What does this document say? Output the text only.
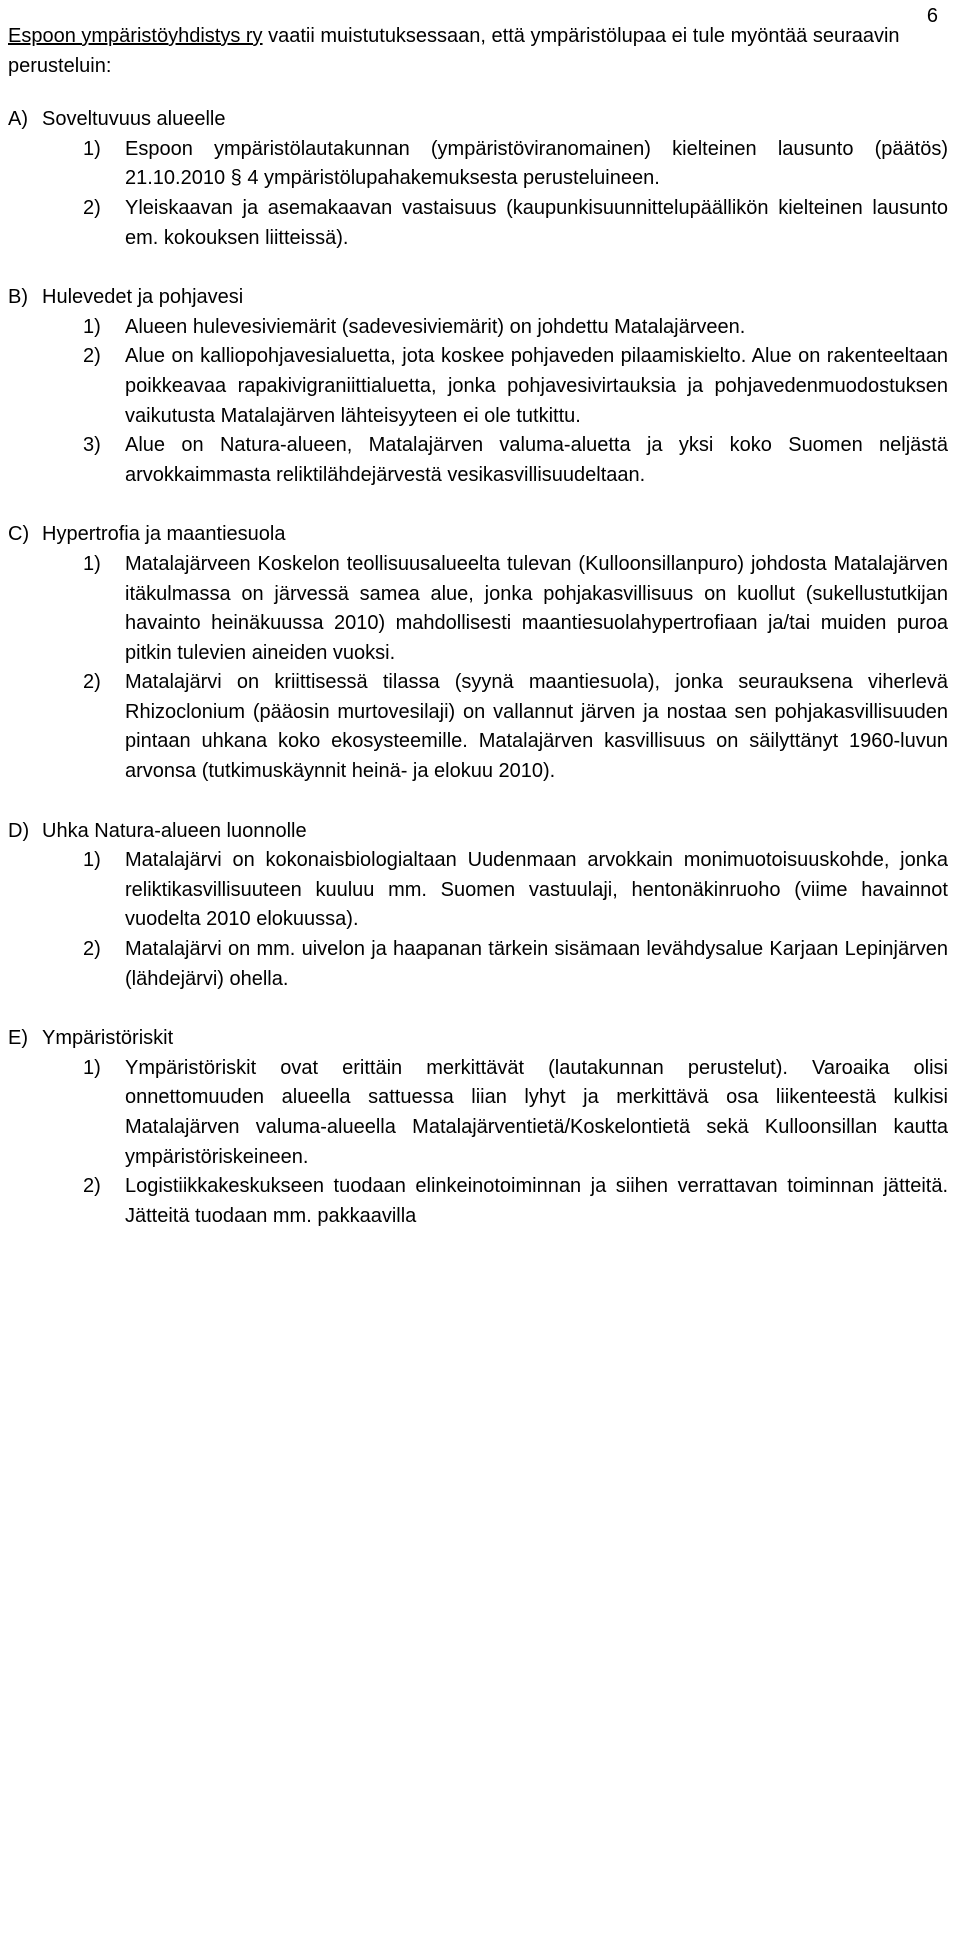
6

Espoon ympäristöyhdistys ry vaatii muistutuksessaan, että ympäristölupaa ei tule myöntää seuraavin perusteluin:

A) Soveltuvuus alueelle
1)	Espoon ympäristölautakunnan (ympäristöviranomainen) kielteinen lausunto (päätös) 21.10.2010 § 4 ympäristölupahakemuksesta perusteluineen.
2)	Yleiskaavan ja asemakaavan vastaisuus (kaupunkisuunnittelupäällikön kielteinen lausunto em. kokouksen liitteissä).
B) Hulevedet ja pohjavesi
1)	Alueen hulevesiviemärit (sadevesiviemärit) on johdettu Matalajärveen.
2)	Alue on kalliopohjavesialuetta, jota koskee pohjaveden pilaamiskielto. Alue on rakenteeltaan poikkeavaa rapakivigraniittialuetta, jonka pohjavesivirtauksia ja pohjavedenmuodostuksen vaikutusta Matalajärven lähteisyyteen ei ole tutkittu.
3)	Alue on Natura-alueen, Matalajärven valuma-aluetta ja yksi koko Suomen neljästä arvokkaimmasta reliktilähdejärvestä vesikasvillisuudeltaan.
C) Hypertrofia ja maantiesuola
1)	Matalajärveen Koskelon teollisuusalueelta tulevan (Kulloonsillanpuro) johdosta Matalajärven itäkulmassa on järvessä samea alue, jonka pohjakasvillisuus on kuollut (sukellustutkijan havainto heinäkuussa 2010) mahdollisesti maantiesuolahypertrofiaan ja/tai muiden puroa pitkin tulevien aineiden vuoksi.
2)	Matalajärvi on kriittisessä tilassa (syynä maantiesuola), jonka seurauksena viherlevä Rhizoclonium (pääosin murtovesilaji) on vallannut järven ja nostaa sen pohjakasvillisuuden pintaan uhkana koko ekosysteemille. Matalajärven kasvillisuus on säilyttänyt 1960-luvun arvonsa (tutkimuskäynnit heinä- ja elokuu 2010).
D) Uhka Natura-alueen luonnolle
1)	Matalajärvi on kokonaisbiologialtaan Uudenmaan arvokkain monimuotoisuuskohde, jonka reliktikasvillisuuteen kuuluu mm. Suomen vastuulaji, hentonäkinruoho (viime havainnot vuodelta 2010 elokuussa).
2)	Matalajärvi on mm. uivelon ja haapanan tärkein sisämaan levähdysalue Karjaan Lepinjärven (lähdejärvi) ohella.
E) Ympäristöriskit
1)	Ympäristöriskit ovat erittäin merkittävät (lautakunnan perustelut). Varoaika olisi onnettomuuden alueella sattuessa liian lyhyt ja merkittävä osa liikenteestä kulkisi Matalajärven valuma-alueella Matalajärventietä/Koskelontietä sekä Kulloonsillan kautta ympäristöriskeineen.
2)	Logistiikkakeskukseen tuodaan elinkeinotoiminnan ja siihen verrattavan toiminnan jätteitä. Jätteitä tuodaan mm. pakkaavilla
